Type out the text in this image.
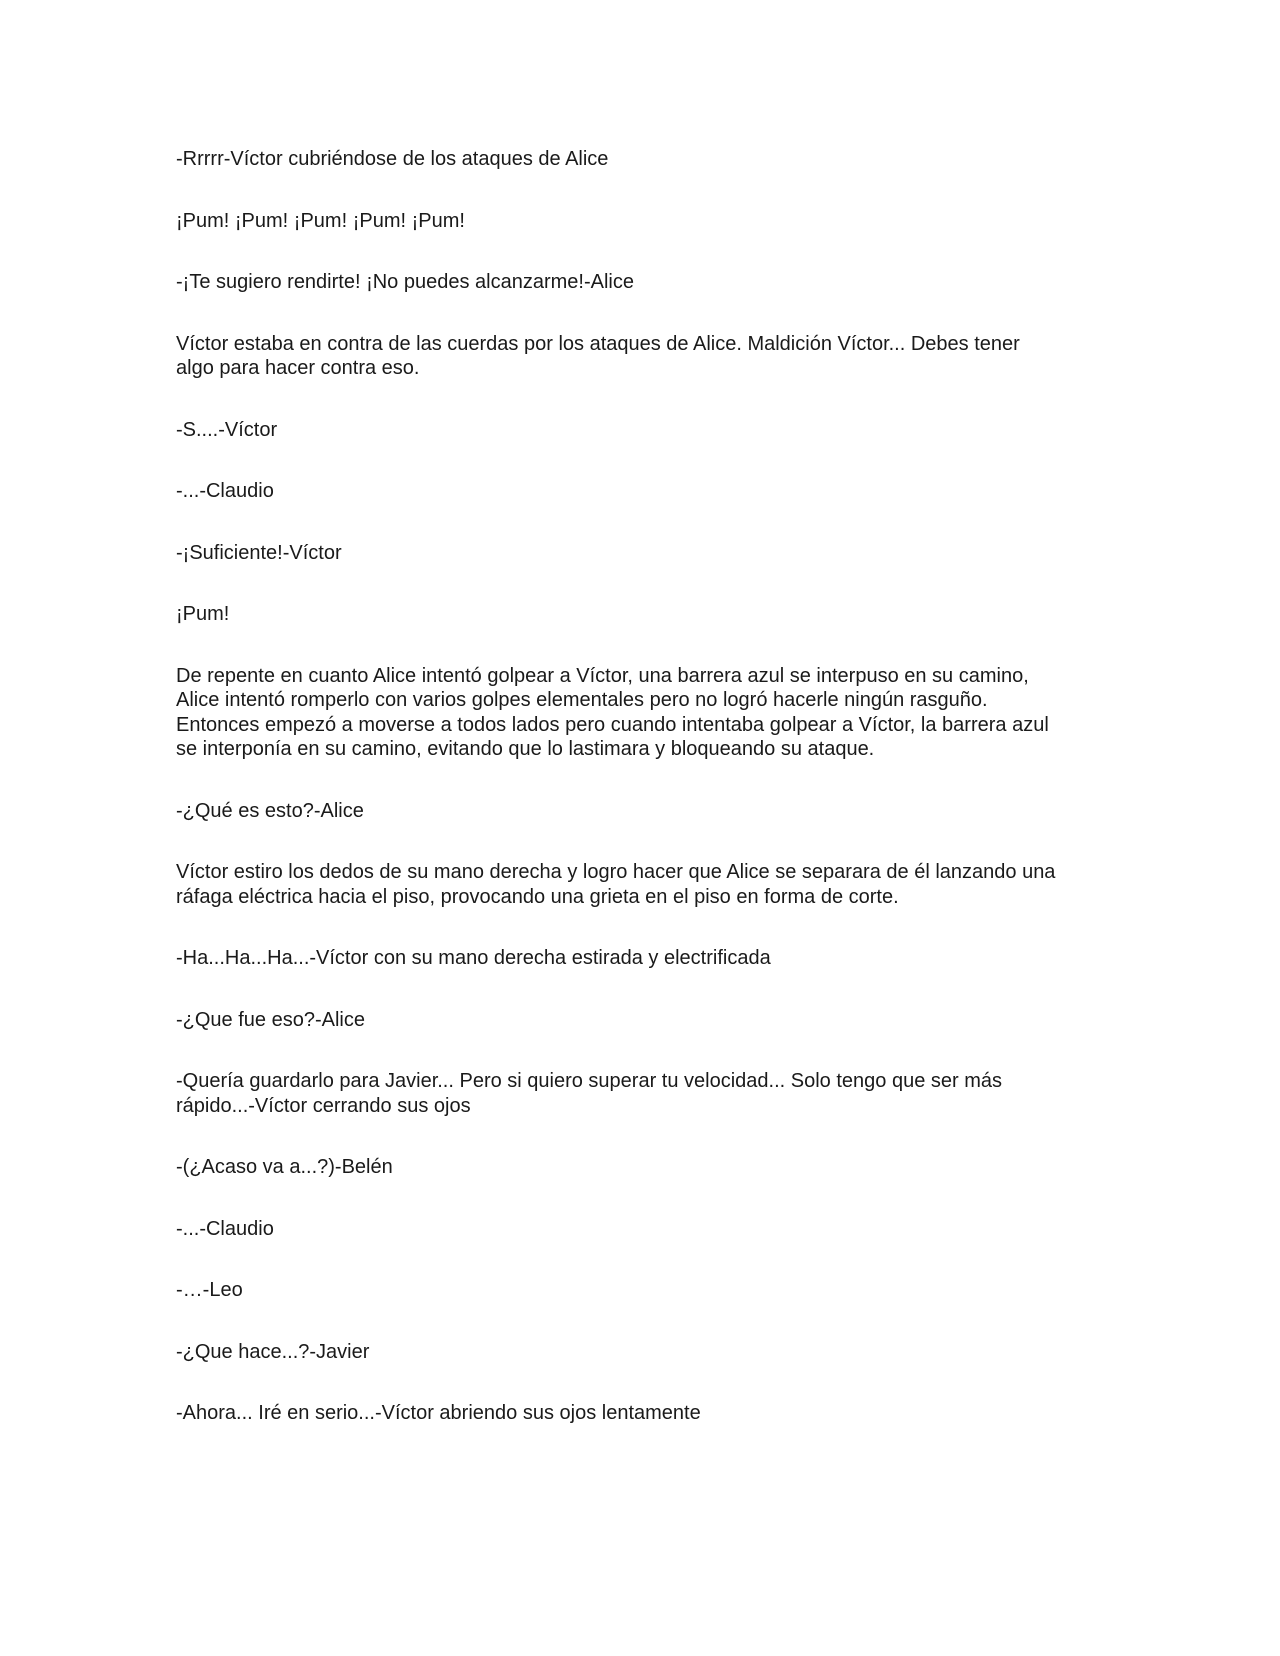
-Rrrrr-Víctor cubriéndose de los ataques de Alice

¡Pum! ¡Pum! ¡Pum! ¡Pum! ¡Pum!

-¡Te sugiero rendirte! ¡No puedes alcanzarme!-Alice

Víctor estaba en contra de las cuerdas por los ataques de Alice. Maldición Víctor... Debes tener
algo para hacer contra eso.

-S....-Víctor

-...-Claudio

-¡Suficiente!-Víctor

¡Pum!

De repente en cuanto Alice intentó golpear a Víctor, una barrera azul se interpuso en su camino,
Alice intentó romperlo con varios golpes elementales pero no logró hacerle ningún rasguño.
Entonces empezó a moverse a todos lados pero cuando intentaba golpear a Víctor, la barrera azul
se interponía en su camino, evitando que lo lastimara y bloqueando su ataque.

-¿Qué es esto?-Alice

Víctor estiro los dedos de su mano derecha y logro hacer que Alice se separara de él lanzando una
ráfaga eléctrica hacia el piso, provocando una grieta en el piso en forma de corte.

-Ha...Ha...Ha...-Víctor con su mano derecha estirada y electrificada

-¿Que fue eso?-Alice

-Quería guardarlo para Javier... Pero si quiero superar tu velocidad... Solo tengo que ser más
rápido...-Víctor cerrando sus ojos

-(¿Acaso va a...?)-Belén

-...-Claudio

-…-Leo

-¿Que hace...?-Javier

-Ahora... Iré en serio...-Víctor abriendo sus ojos lentamente
